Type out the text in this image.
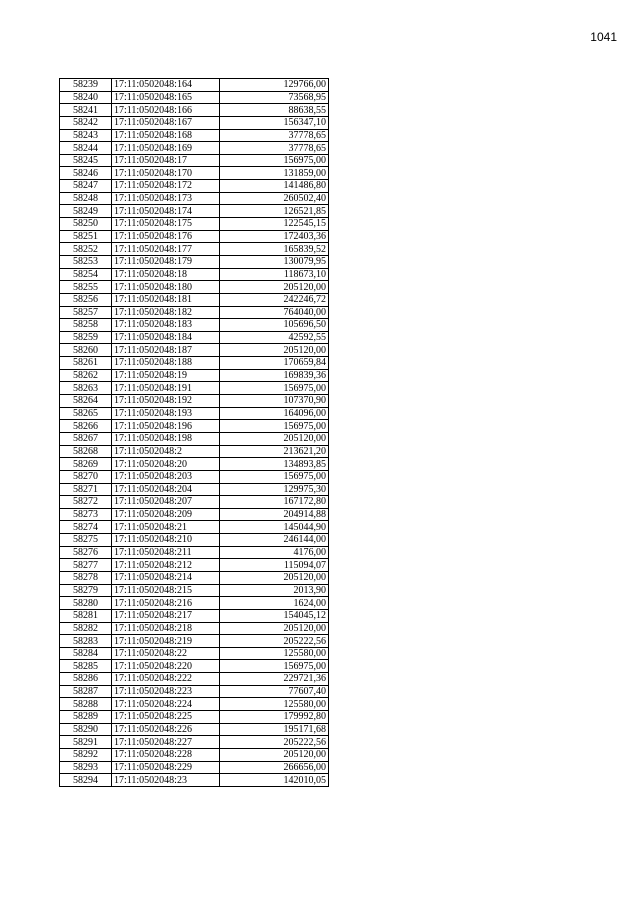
1041
58239	17:11:0502048:164	129766,00
58240	17:11:0502048:165	73568,95
58241	17:11:0502048:166	88638,55
58242	17:11:0502048:167	156347,10
58243	17:11:0502048:168	37778,65
58244	17:11:0502048:169	37778,65
58245	17:11:0502048:17	156975,00
58246	17:11:0502048:170	131859,00
58247	17:11:0502048:172	141486,80
58248	17:11:0502048:173	260502,40
58249	17:11:0502048:174	126521,85
58250	17:11:0502048:175	122545,15
58251	17:11:0502048:176	172403,36
58252	17:11:0502048:177	165839,52
58253	17:11:0502048:179	130079,95
58254	17:11:0502048:18	118673,10
58255	17:11:0502048:180	205120,00
58256	17:11:0502048:181	242246,72
58257	17:11:0502048:182	764040,00
58258	17:11:0502048:183	105696,50
58259	17:11:0502048:184	42592,55
58260	17:11:0502048:187	205120,00
58261	17:11:0502048:188	170659,84
58262	17:11:0502048:19	169839,36
58263	17:11:0502048:191	156975,00
58264	17:11:0502048:192	107370,90
58265	17:11:0502048:193	164096,00
58266	17:11:0502048:196	156975,00
58267	17:11:0502048:198	205120,00
58268	17:11:0502048:2	213621,20
58269	17:11:0502048:20	134893,85
58270	17:11:0502048:203	156975,00
58271	17:11:0502048:204	129975,30
58272	17:11:0502048:207	167172,80
58273	17:11:0502048:209	204914,88
58274	17:11:0502048:21	145044,90
58275	17:11:0502048:210	246144,00
58276	17:11:0502048:211	4176,00
58277	17:11:0502048:212	115094,07
58278	17:11:0502048:214	205120,00
58279	17:11:0502048:215	2013,90
58280	17:11:0502048:216	1624,00
58281	17:11:0502048:217	154045,12
58282	17:11:0502048:218	205120,00
58283	17:11:0502048:219	205222,56
58284	17:11:0502048:22	125580,00
58285	17:11:0502048:220	156975,00
58286	17:11:0502048:222	229721,36
58287	17:11:0502048:223	77607,40
58288	17:11:0502048:224	125580,00
58289	17:11:0502048:225	179992,80
58290	17:11:0502048:226	195171,68
58291	17:11:0502048:227	205222,56
58292	17:11:0502048:228	205120,00
58293	17:11:0502048:229	266656,00
58294	17:11:0502048:23	142010,05
